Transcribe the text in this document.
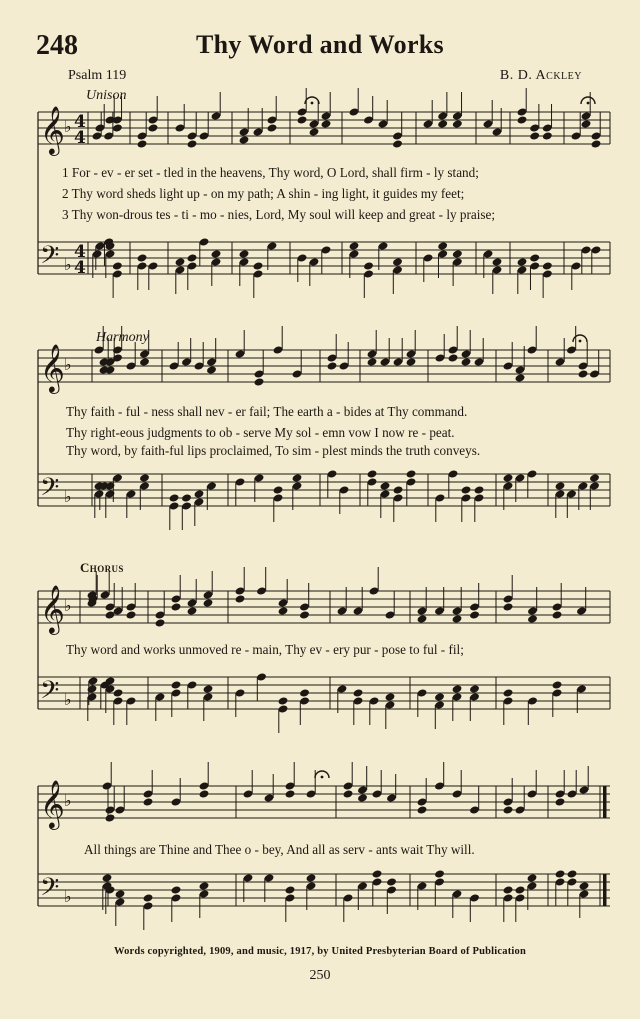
248	Thy Word and Works
Psalm 119	B. D. Ackley
Unison
𝄞 ♭ 4
4
𝄢 ♭
4
4
1 For - ev - er set - tled in the heavens, Thy word, O Lord, shall firm - ly stand;
2 Thy word sheds light up - on my path; A shin - ing light, it guides my feet;
3 Thy won-drous tes - ti - mo - nies, Lord, My soul will keep and great - ly praise;
Harmony
𝄞 ♭
𝄢 ♭
Thy faith - ful - ness shall nev - er fail; The earth a - bides at Thy command.
Thy right-eous judgments to ob - serve My sol - emn vow I now re - peat.
Thy word, by faith-ful lips proclaimed, To sim - plest minds the truth conveys.
Chorus
𝄞 ♭
𝄢 ♭
Thy word and works unmoved re - main, Thy ev - ery pur - pose to ful - fil;
𝄞 ♭
𝄢 ♭
All things are Thine and Thee o - bey, And all as serv - ants wait Thy will.
Words copyrighted, 1909, and music, 1917, by United Presbyterian Board of Publication
250
